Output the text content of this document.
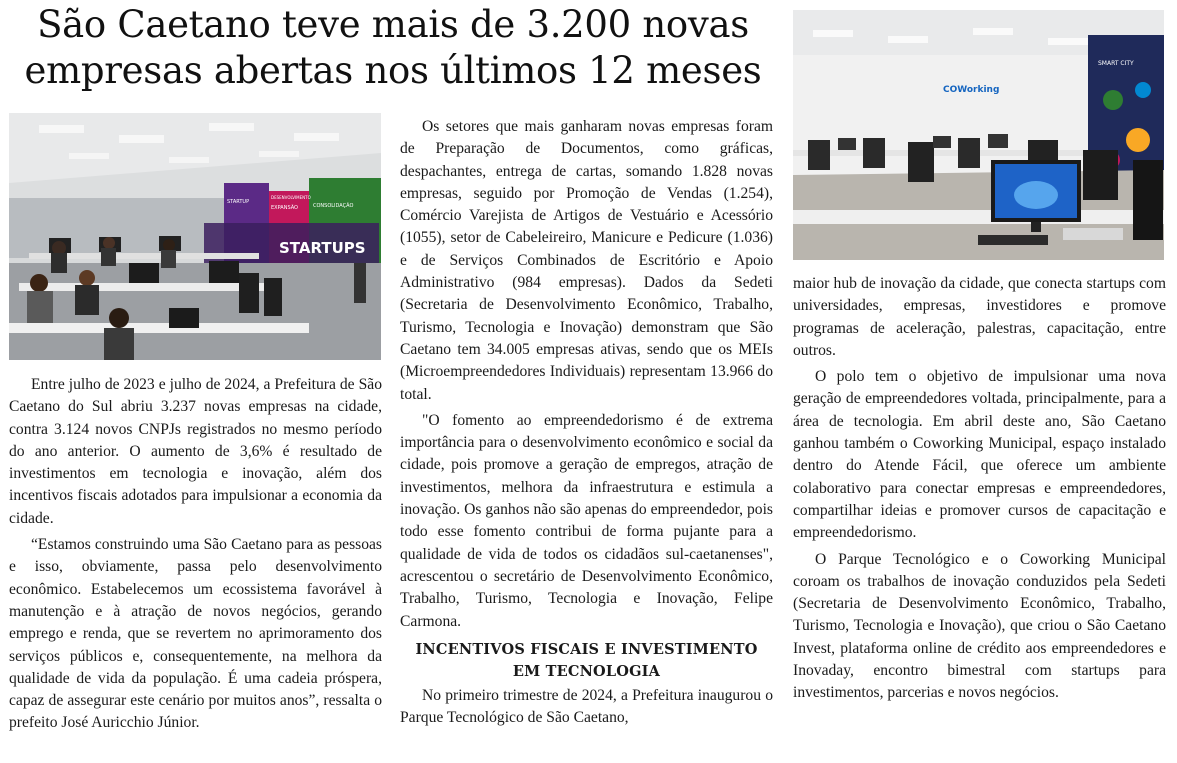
São Caetano teve mais de 3.200 novas
empresas abertas nos últimos 12 meses
STARTUP
EXPANSÃO	CONSOLIDAÇÃO
DESENVOLVIMENTO
STARTUPS
SMART CITY
COWorking

Entre julho de 2023 e julho de 2024, a Prefeitura de São Caetano do Sul abriu 3.237 novas empresas na cidade, contra 3.124 novos CNPJs registrados no mesmo período do ano anterior. O aumento de 3,6% é resultado de investimentos em tecnologia e inovação, além dos incentivos fiscais adotados para impulsionar a economia da cidade.

“Estamos construindo uma São Caetano para as pessoas e isso, obviamente, passa pelo desenvolvimento econômico. Estabelecemos um ecossistema favorável à manutenção e à atração de novos negócios, gerando emprego e renda, que se revertem no aprimoramento dos serviços públicos e, consequentemente, na melhora da qualidade de vida da população. É uma cadeia próspera, capaz de assegurar este cenário por muitos anos”, ressalta o prefeito José Auricchio Júnior.

Os setores que mais ganharam novas empresas foram de Preparação de Documentos, como gráficas, despachantes, entrega de cartas, somando 1.828 novas empresas, seguido por Promoção de Vendas (1.254), Comércio Varejista de Artigos de Vestuário e Acessório (1055), setor de Cabeleireiro, Manicure e Pedicure (1.036) e de Serviços Combinados de Escritório e Apoio Administrativo (984 empresas). Dados da Sedeti (Secretaria de Desenvolvimento Econômico, Trabalho, Turismo, Tecnologia e Inovação) demonstram que São Caetano tem 34.005 empresas ativas, sendo que os MEIs (Microempreendedores Individuais) representam 13.966 do total.

"O fomento ao empreendedorismo é de extrema importância para o desenvolvimento econômico e social da cidade, pois promove a geração de empregos, atração de investimentos, melhora da infraestrutura e estimula a inovação. Os ganhos não são apenas do empreendedor, pois todo esse fomento contribui de forma pujante para a qualidade de vida de todos os cidadãos sul-caetanenses", acrescentou o secretário de Desenvolvimento Econômico, Trabalho, Turismo, Tecnologia e Inovação, Felipe Carmona.

INCENTIVOS FISCAIS E INVESTIMENTO EM TECNOLOGIA

No primeiro trimestre de 2024, a Prefeitura inaugurou o Parque Tecnológico de São Caetano,

maior hub de inovação da cidade, que conecta startups com universidades, empresas, investidores e promove programas de aceleração, palestras, capacitação, entre outros.

O polo tem o objetivo de impulsionar uma nova geração de empreendedores voltada, principalmente, para a área de tecnologia. Em abril deste ano, São Caetano ganhou também o Coworking Municipal, espaço instalado dentro do Atende Fácil, que oferece um ambiente colaborativo para conectar empresas e empreendedores, compartilhar ideias e promover cursos de capacitação e empreendedorismo.

O Parque Tecnológico e o Coworking Municipal coroam os trabalhos de inovação conduzidos pela Sedeti (Secretaria de Desenvolvimento Econômico, Trabalho, Turismo, Tecnologia e Inovação), que criou o São Caetano Invest, plataforma online de crédito aos empreendedores e Inovaday, encontro bimestral com startups para investimentos, parcerias e novos negócios.
